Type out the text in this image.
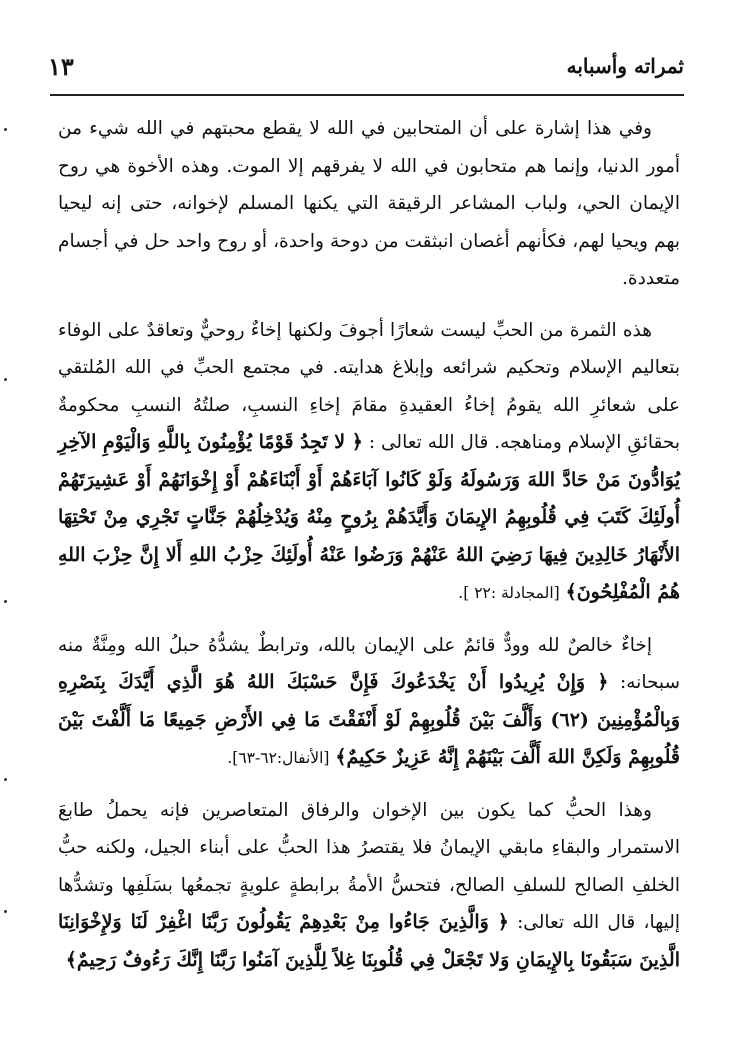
ثمراته وأسبابه
١٣

وفي هذا إشارة على أن المتحابين في الله لا يقطع محبتهم في الله شيء من أمور الدنيا، وإنما هم متحابون في الله لا يفرقهم إلا الموت. وهذه الأخوة هي روح الإيمان الحي، ولباب المشاعر الرقيقة التي يكنها المسلم لإخوانه، حتى إنه ليحيا بهم ويحيا لهم، فكأنهم أغصان انبثقت من دوحة واحدة، أو روح واحد حل في أجسام متعددة.

هذه الثمرة من الحبِّ ليست شعارًا أجوفَ ولكنها إخاءٌ روحيٌّ وتعاقدٌ على الوفاء بتعاليم الإسلام وتحكيم شرائعه وإبلاغ هدايته. في مجتمع الحبِّ في الله المُلتقي على شعائرِ الله يقومُ إخاءُ العقيدةِ مقامَ إخاءِ النسبِ، صلتُهُ النسبِ محكومةٌ بحقائقِ الإسلام ومناهجه. قال الله تعالى : ﴿ لا تَجِدُ قَوْمًا يُؤْمِنُونَ بِاللَّهِ وَالْيَوْمِ الآخِرِ يُوَادُّونَ مَنْ حَادَّ اللهَ وَرَسُولَهُ وَلَوْ كَانُوا آبَاءَهُمْ أَوْ أَبْنَاءَهُمْ أَوْ إِخْوَانَهُمْ أَوْ عَشِيرَتَهُمْ أُولَئِكَ كَتَبَ فِي قُلُوبِهِمُ الإِيمَانَ وَأَيَّدَهُمْ بِرُوحٍ مِنْهُ وَيُدْخِلُهُمْ جَنَّاتٍ تَجْرِي مِنْ تَحْتِهَا الأَنْهَارُ خَالِدِينَ فِيهَا رَضِيَ اللهُ عَنْهُمْ وَرَضُوا عَنْهُ أُولَئِكَ حِزْبُ اللهِ أَلا إِنَّ حِزْبَ اللهِ هُمُ الْمُفْلِحُونَ﴾ [المجادلة :٢٢ ].

إخاءٌ خالصٌ لله وودٌّ قائمٌ على الإيمان بالله، وترابطٌ يشدُّهُ حبلُ الله ومِنَّةٌ منه سبحانه: ﴿ وَإِنْ يُرِيدُوا أَنْ يَخْدَعُوكَ فَإِنَّ حَسْبَكَ اللهُ هُوَ الَّذِي أَيَّدَكَ بِنَصْرِهِ وَبِالْمُؤْمِنِينَ (٦٢) وَأَلَّفَ بَيْنَ قُلُوبِهِمْ لَوْ أَنْفَقْتَ مَا فِي الأَرْضِ جَمِيعًا مَا أَلَّفْتَ بَيْنَ قُلُوبِهِمْ وَلَكِنَّ اللهَ أَلَّفَ بَيْنَهُمْ إِنَّهُ عَزِيزٌ حَكِيمٌ﴾ [الأنفال:٦٢-٦٣].

وهذا الحبُّ كما يكون بين الإخوان والرفاق المتعاصرين فإنه يحملُ طابعَ الاستمرار والبقاءِ مابقي الإيمانُ فلا يقتصرُ هذا الحبُّ على أبناء الجيل، ولكنه حبُّ الخلفِ الصالح للسلفِ الصالح، فتحسُّ الأمةُ برابطةٍ علويةٍ تجمعُها بسَلَفِها وتشدُّها إليها، قال الله تعالى: ﴿ وَالَّذِينَ جَاءُوا مِنْ بَعْدِهِمْ يَقُولُونَ رَبَّنَا اغْفِرْ لَنَا وَلإِخْوَانِنَا الَّذِينَ سَبَقُونَا بِالإِيمَانِ وَلا تَجْعَلْ فِي قُلُوبِنَا غِلاً لِلَّذِينَ آمَنُوا رَبَّنَا إِنَّكَ رَءُوفٌ رَحِيمٌ﴾
